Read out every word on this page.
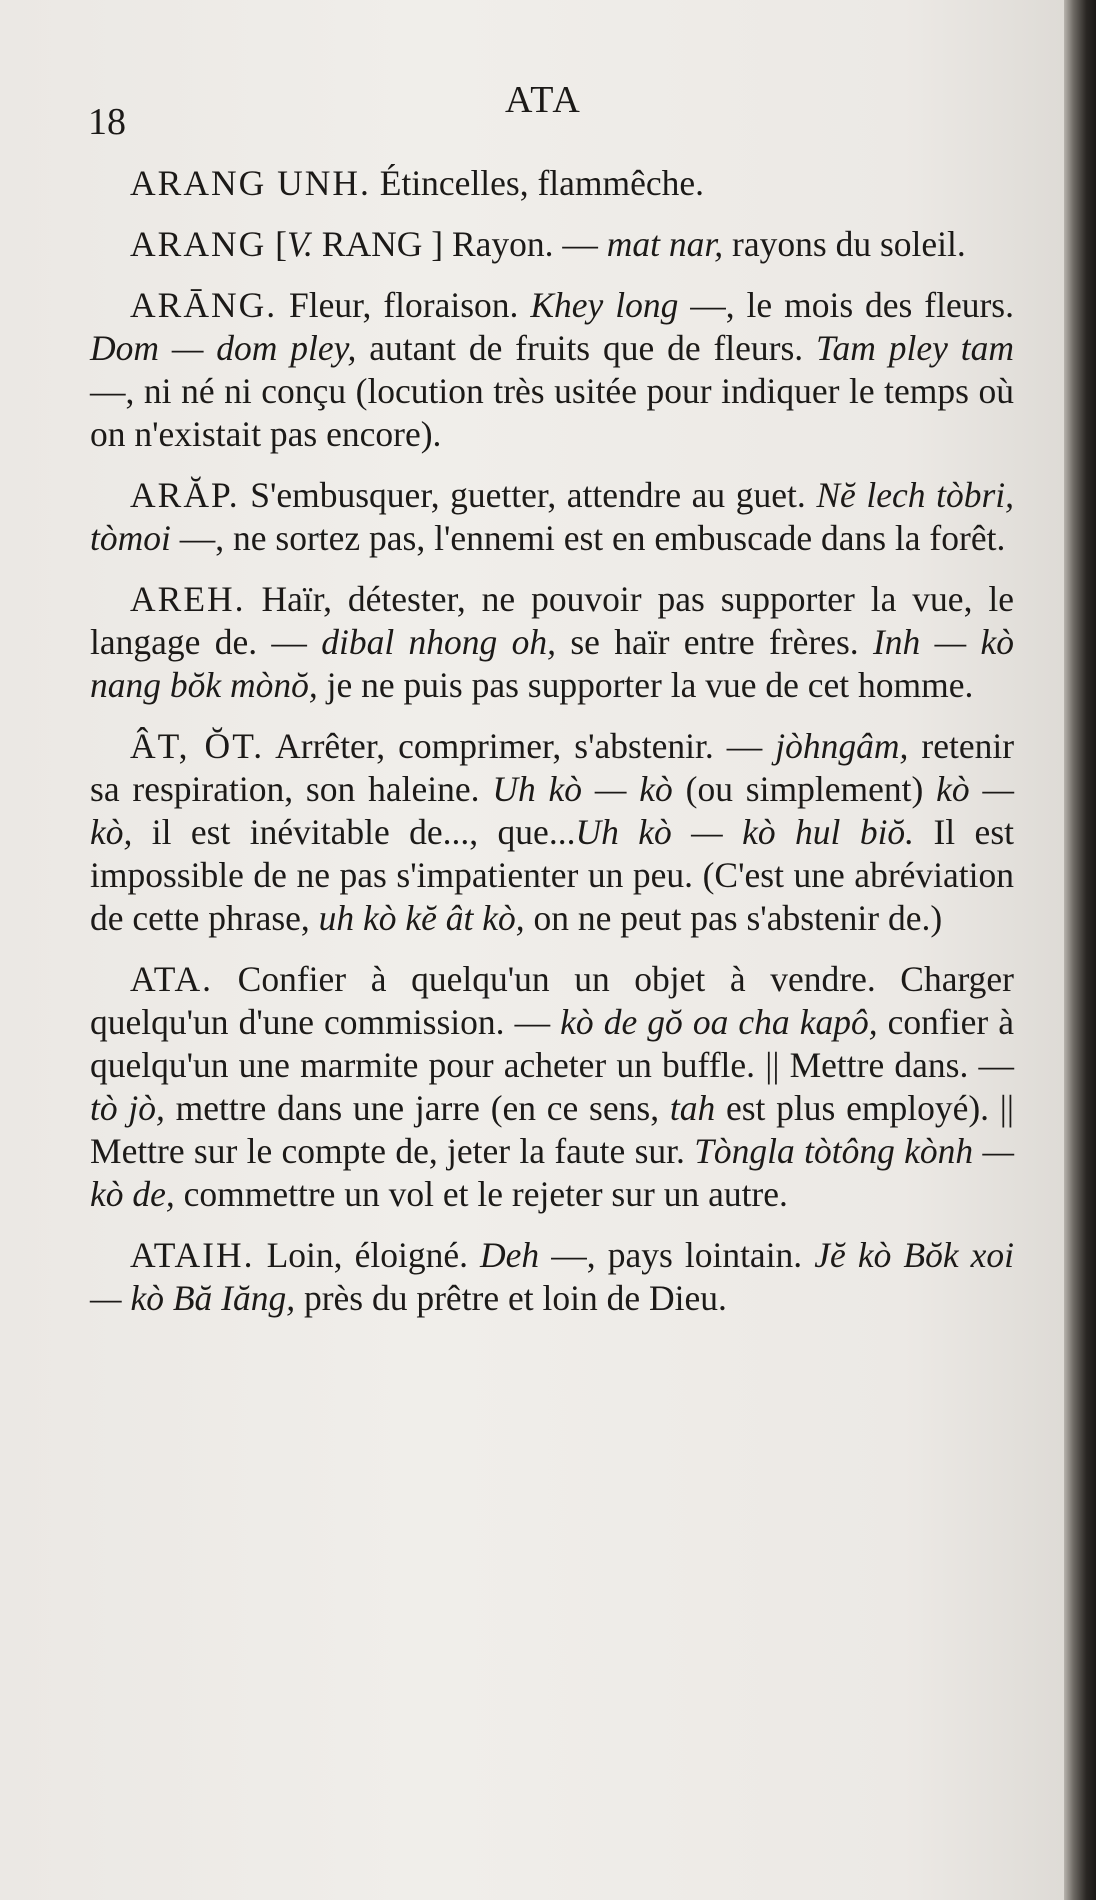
18
ATA

ARANG UNH. Étincelles, flammêche.

ARANG [V. RANG ] Rayon. — mat nar, rayons du soleil.

ARĀNG. Fleur, floraison. Khey long —, le mois des fleurs. Dom — dom pley, autant de fruits que de fleurs. Tam pley tam —, ni né ni conçu (locution très usitée pour indiquer le temps où on n'existait pas encore).

ARĂP. S'embusquer, guetter, attendre au guet. Nĕ lech tòbri, tòmoi —, ne sortez pas, l'ennemi est en embuscade dans la forêt.

AREH. Haïr, détester, ne pouvoir pas supporter la vue, le langage de. — dibal nhong oh, se haïr entre frères. Inh — kò nang bŏk mònŏ, je ne puis pas supporter la vue de cet homme.

ÂT, ŎT. Arrêter, comprimer, s'abstenir. — jòhngâm, retenir sa respiration, son haleine. Uh kò — kò (ou simplement) kò — kò, il est inévitable de..., que...Uh kò — kò hul biŏ. Il est impossible de ne pas s'impatienter un peu. (C'est une abréviation de cette phrase, uh kò kĕ ât kò, on ne peut pas s'abstenir de.)

ATA. Confier à quelqu'un un objet à vendre. Charger quelqu'un d'une commission. — kò de gŏ oa cha kapô, confier à quelqu'un une marmite pour acheter un buffle. || Mettre dans. — tò jò, mettre dans une jarre (en ce sens, tah est plus employé). || Mettre sur le compte de, jeter la faute sur. Tòngla tòtông kònh — kò de, commettre un vol et le rejeter sur un autre.

ATAIH. Loin, éloigné. Deh —, pays lointain. Jĕ kò Bŏk xoi — kò Bă Iăng, près du prêtre et loin de Dieu.
